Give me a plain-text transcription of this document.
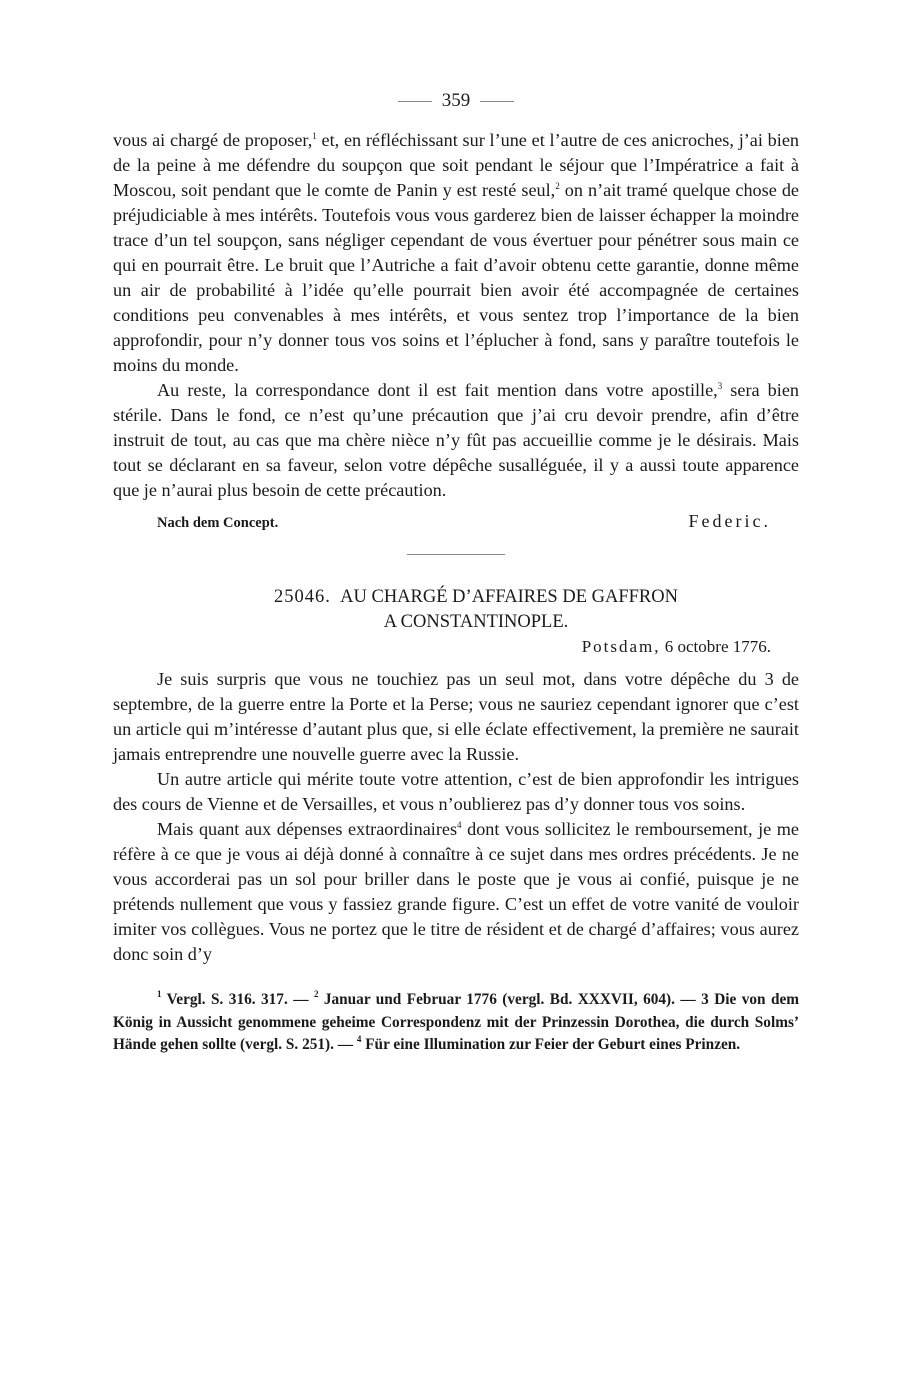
359

vous ai chargé de proposer,$^1$ et, en réfléchissant sur l’une et l’autre de ces anicroches, j’ai bien de la peine à me défendre du soupçon que soit pendant le séjour que l’Impératrice a fait à Moscou, soit pendant que le comte de Panin y est resté seul,$^2$ on n’ait tramé quelque chose de préjudiciable à mes intérêts. Toutefois vous vous garderez bien de laisser échapper la moindre trace d’un tel soupçon, sans négliger cependant de vous évertuer pour pénétrer sous main ce qui en pourrait être. Le bruit que l’Autriche a fait d’avoir obtenu cette garantie, donne même un air de probabilité à l’idée qu’elle pourrait bien avoir été accompagnée de certaines conditions peu convenables à mes intérêts, et vous sentez trop l’importance de la bien approfondir, pour n’y donner tous vos soins et l’éplucher à fond, sans y paraître toutefois le moins du monde.

Au reste, la correspondance dont il est fait mention dans votre apostille,$^3$ sera bien stérile. Dans le fond, ce n’est qu’une précaution que j’ai cru devoir prendre, afin d’être instruit de tout, au cas que ma chère nièce n’y fût pas accueillie comme je le désirais. Mais tout se déclarant en sa faveur, selon votre dépêche susalléguée, il y a aussi toute apparence que je n’aurai plus besoin de cette précaution.

Nach dem Concept.	Federic.
25046. AU CHARGÉ D’AFFAIRES DE GAFFRON
A CONSTANTINOPLE.
Potsdam, 6 octobre 1776.

Je suis surpris que vous ne touchiez pas un seul mot, dans votre dépêche du 3 de septembre, de la guerre entre la Porte et la Perse; vous ne sauriez cependant ignorer que c’est un article qui m’intéresse d’autant plus que, si elle éclate effectivement, la première ne saurait jamais entreprendre une nouvelle guerre avec la Russie.

Un autre article qui mérite toute votre attention, c’est de bien approfondir les intrigues des cours de Vienne et de Versailles, et vous n’oublierez pas d’y donner tous vos soins.

Mais quant aux dépenses extraordinaires$^4$ dont vous sollicitez le remboursement, je me réfère à ce que je vous ai déjà donné à connaître à ce sujet dans mes ordres précédents. Je ne vous accorderai pas un sol pour briller dans le poste que je vous ai confié, puisque je ne prétends nullement que vous y fassiez grande figure. C’est un effet de votre vanité de vouloir imiter vos collègues. Vous ne portez que le titre de résident et de chargé d’affaires; vous aurez donc soin d’y

$^1$ Vergl. S. 316. 317. — $^2$ Januar und Februar 1776 (vergl. Bd. XXXVII, 604). — 3 Die von dem König in Aussicht genommene geheime Correspondenz mit der Prinzessin Dorothea, die durch Solms’ Hände gehen sollte (vergl. S. 251). — $^4$ Für eine Illumination zur Feier der Geburt eines Prinzen.
